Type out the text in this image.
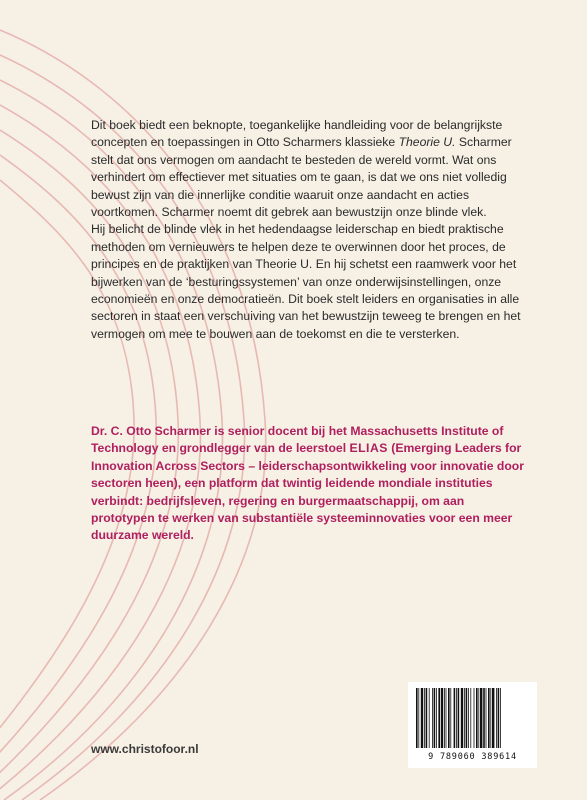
Dit boek biedt een beknopte, toegankelijke handleiding voor de belangrijkste concepten en toepassingen in Otto Scharmers klassieke Theorie U. Scharmer stelt dat ons vermogen om aandacht te besteden de wereld vormt. Wat ons verhindert om effectiever met situaties om te gaan, is dat we ons niet volledig bewust zijn van die innerlijke conditie waaruit onze aandacht en acties voortkomen. Scharmer noemt dit gebrek aan bewustzijn onze blinde vlek.

Hij belicht de blinde vlek in het hedendaagse leiderschap en biedt praktische methoden om vernieuwers te helpen deze te overwinnen door het proces, de principes en de praktijken van Theorie U. En hij schetst een raamwerk voor het bijwerken van de ‘besturingssystemen’ van onze onderwijsinstellingen, onze economieën en onze democratieën. Dit boek stelt leiders en organisaties in alle sectoren in staat een verschuiving van het bewustzijn teweeg te brengen en het vermogen om mee te bouwen aan de toekomst en die te versterken.

Dr. C. Otto Scharmer is senior docent bij het Massachusetts Institute of Technology en grondlegger van de leerstoel ELIAS (Emerging Leaders for Innovation Across Sectors – leiderschapsontwikkeling voor innovatie door sectoren heen), een platform dat twintig leidende mondiale instituties verbindt: bedrijfsleven, regering en burgermaatschappij, om aan prototypen te werken van substantiële systeeminnovaties voor een meer duurzame wereld.
9 789060 389614
www.christofoor.nl
